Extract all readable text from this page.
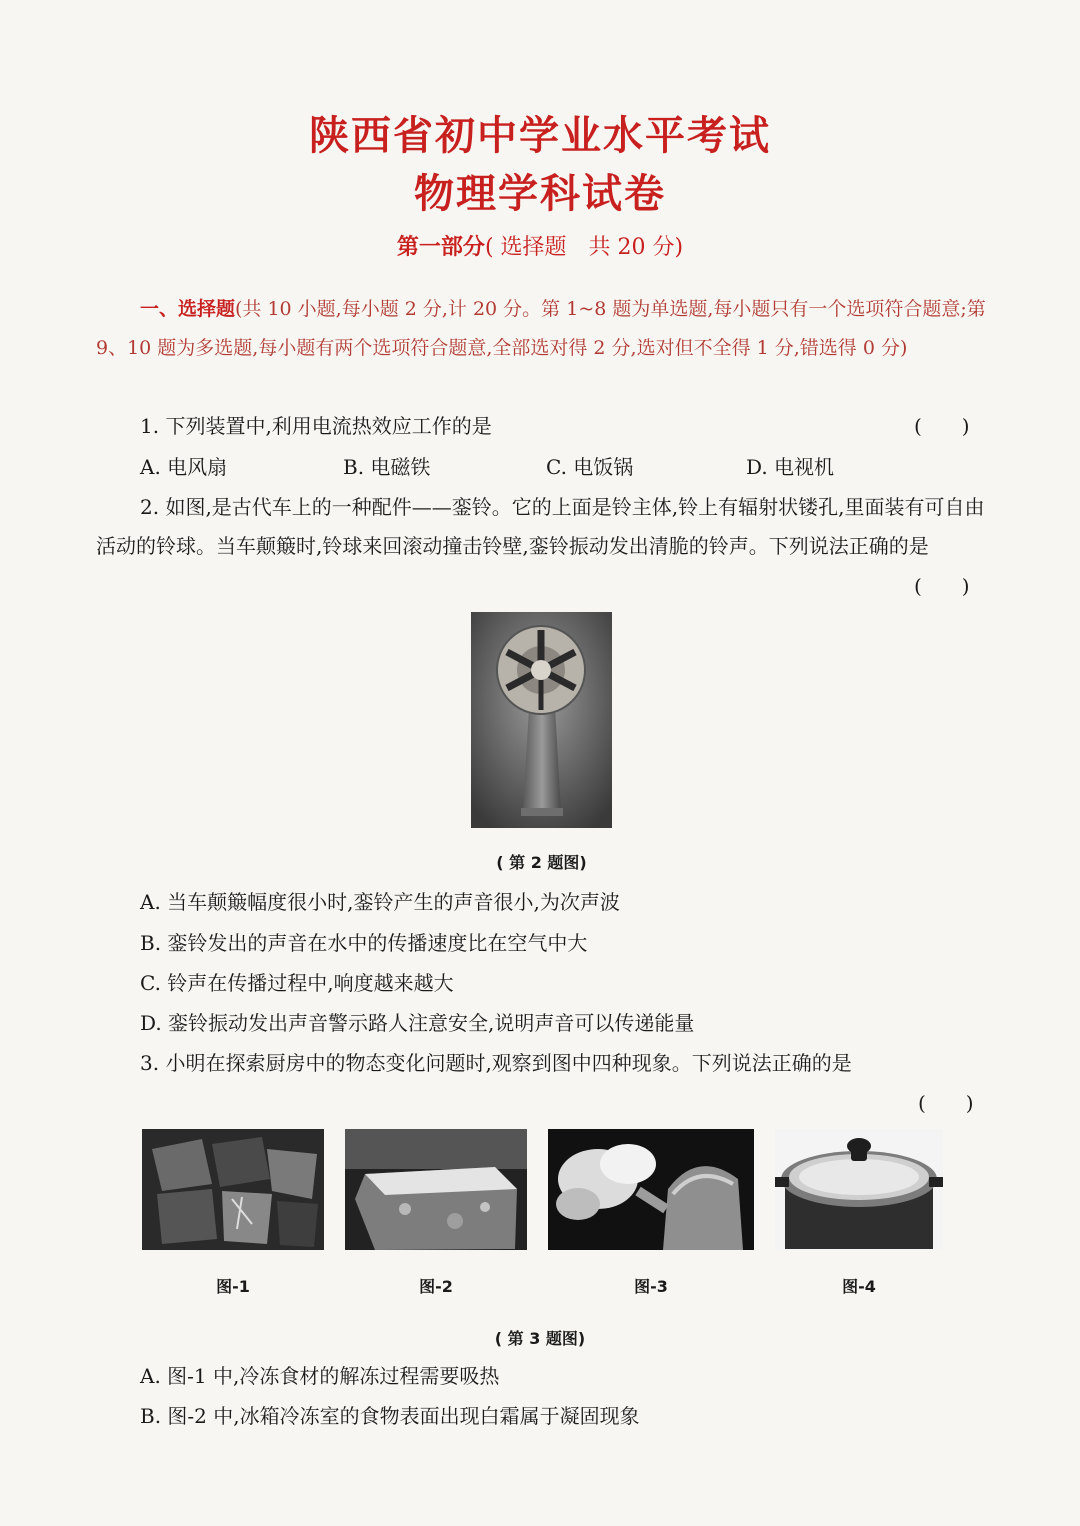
陕西省初中学业水平考试
物理学科试卷
第一部分( 选择题　共 20 分)
一、选择题(共 10 小题,每小题 2 分,计 20 分。第 1~8 题为单选题,每小题只有一个选项符合题意;第 9、10 题为多选题,每小题有两个选项符合题意,全部选对得 2 分,选对但不全得 1 分,错选得 0 分)
1. 下列装置中,利用电流热效应工作的是	(　　)
A. 电风扇	B. 电磁铁	C. 电饭锅	D. 电视机
2. 如图,是古代车上的一种配件——銮铃。它的上面是铃主体,铃上有辐射状镂孔,里面装有可自由活动的铃球。当车颠簸时,铃球来回滚动撞击铃壁,銮铃振动发出清脆的铃声。下列说法正确的是
(　　)
( 第 2 题图)
A. 当车颠簸幅度很小时,銮铃产生的声音很小,为次声波
B. 銮铃发出的声音在水中的传播速度比在空气中大
C. 铃声在传播过程中,响度越来越大
D. 銮铃振动发出声音警示路人注意安全,说明声音可以传递能量
3. 小明在探索厨房中的物态变化问题时,观察到图中四种现象。下列说法正确的是
(　　)
图-1	图-2	图-3	图-4
( 第 3 题图)
A. 图-1 中,冷冻食材的解冻过程需要吸热
B. 图-2 中,冰箱冷冻室的食物表面出现白霜属于凝固现象
